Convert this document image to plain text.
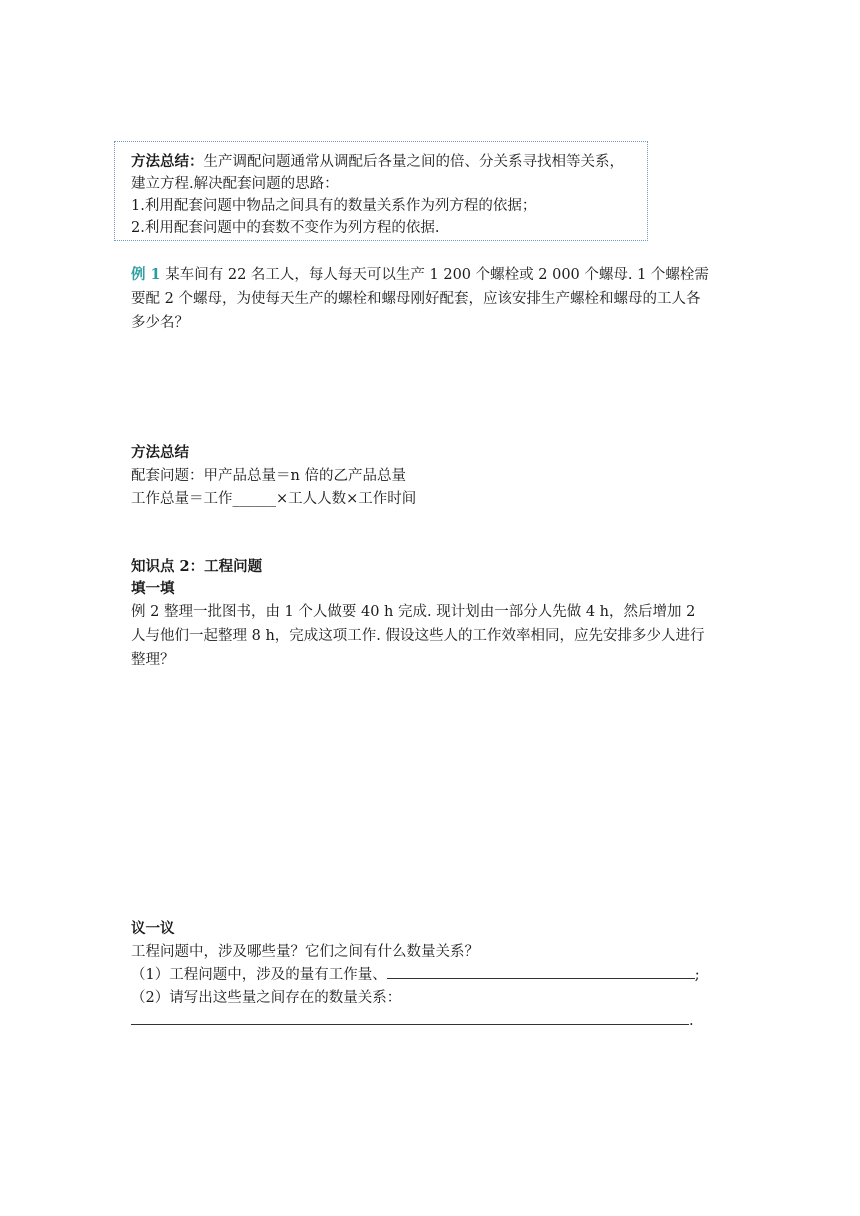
方法总结：生产调配问题通常从调配后各量之间的倍、分关系寻找相等关系，
建立方程.解决配套问题的思路：
1.利用配套问题中物品之间具有的数量关系作为列方程的依据；
2.利用配套问题中的套数不变作为列方程的依据.
例 1 某车间有 22 名工人，每人每天可以生产 1 200 个螺栓或 2 000 个螺母. 1 个螺栓需
要配 2 个螺母，为使每天生产的螺栓和螺母刚好配套，应该安排生产螺栓和螺母的工人各
多少名？
方法总结
配套问题：甲产品总量＝n 倍的乙产品总量
工作总量＝工作______×工人人数×工作时间
知识点 2：工程问题
填一填
例 2 整理一批图书，由 1 个人做要 40 h 完成. 现计划由一部分人先做 4 h，然后增加 2
人与他们一起整理 8 h，完成这项工作. 假设这些人的工作效率相同，应先安排多少人进行
整理？
议一议
工程问题中，涉及哪些量？它们之间有什么数量关系？
（1）工程问题中，涉及的量有工作量、	;
（2）请写出这些量之间存在的数量关系：
.
